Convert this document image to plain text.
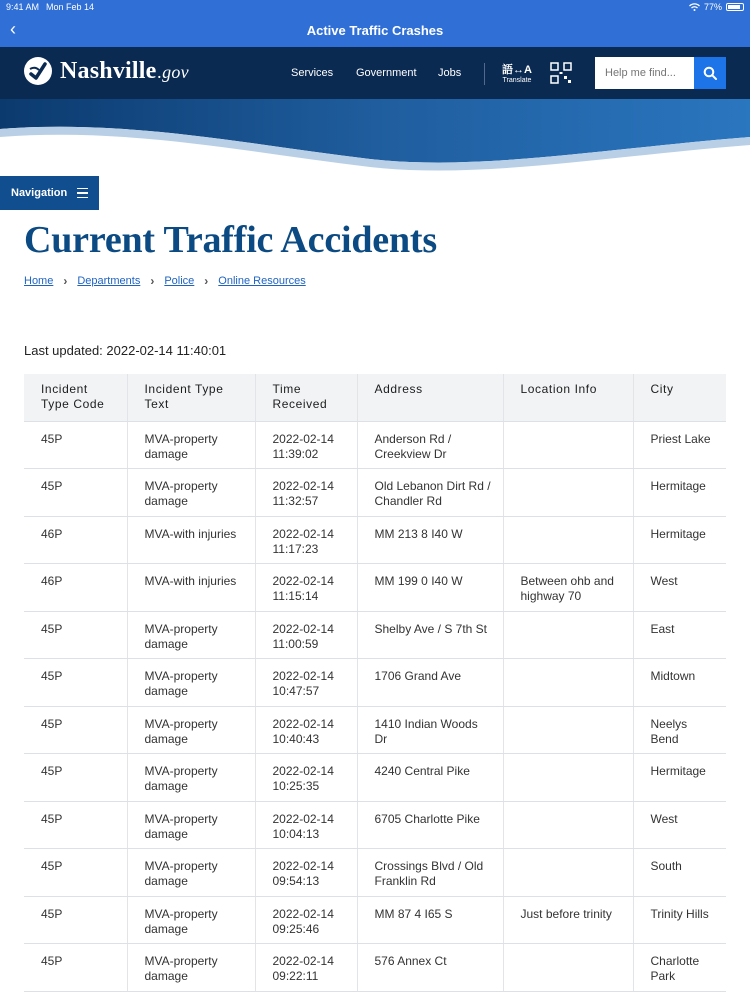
9:41 AM Mon Feb 14	77%
‹	Active Traffic Crashes
Nashville.gov	Services Government Jobs	語↔A
Translate
Help me find...
Navigation
Current Traffic Accidents
Home › Departments › Police › Online Resources
Last updated: 2022-02-14 11:40:01
Incident Type Code	Incident Type Text	Time Received	Address	Location Info	City
45P	MVA-property damage	2022-02-14 11:39:02	Anderson Rd / Creekview Dr		Priest Lake
45P	MVA-property damage	2022-02-14 11:32:57	Old Lebanon Dirt Rd / Chandler Rd		Hermitage
46P	MVA-with injuries	2022-02-14 11:17:23	MM 213 8 I40 W		Hermitage
46P	MVA-with injuries	2022-02-14 11:15:14	MM 199 0 I40 W	Between ohb and highway 70	West
45P	MVA-property damage	2022-02-14 11:00:59	Shelby Ave / S 7th St		East
45P	MVA-property damage	2022-02-14 10:47:57	1706 Grand Ave		Midtown
45P	MVA-property damage	2022-02-14 10:40:43	1410 Indian Woods Dr		Neelys Bend
45P	MVA-property damage	2022-02-14 10:25:35	4240 Central Pike		Hermitage
45P	MVA-property damage	2022-02-14 10:04:13	6705 Charlotte Pike		West
45P	MVA-property damage	2022-02-14 09:54:13	Crossings Blvd / Old Franklin Rd		South
45P	MVA-property damage	2022-02-14 09:25:46	MM 87 4 I65 S	Just before trinity	Trinity Hills
45P	MVA-property damage	2022-02-14 09:22:11	576 Annex Ct		Charlotte Park
